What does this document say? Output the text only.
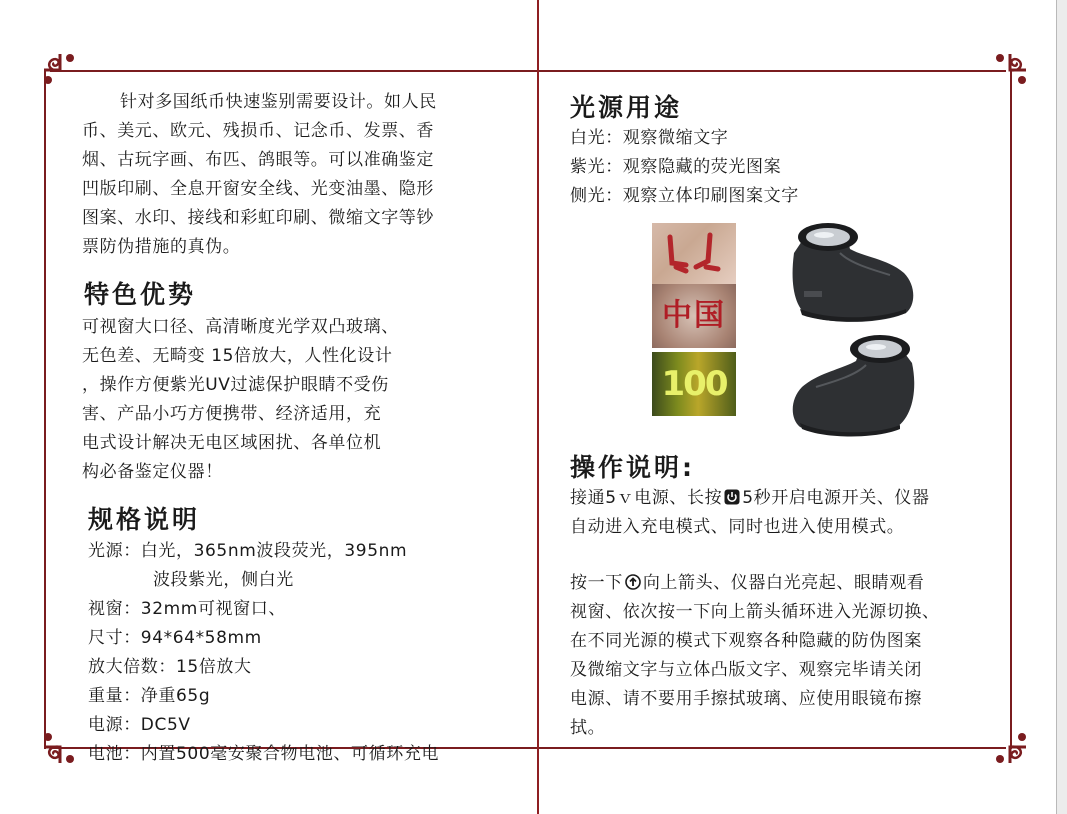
针对多国纸币快速鉴别需要设计。如人民
币、美元、欧元、残损币、记念币、发票、香
烟、古玩字画、布匹、鸽眼等。可以准确鉴定
凹版印刷、全息开窗安全线、光变油墨、隐形
图案、水印、接线和彩虹印刷、微缩文字等钞
票防伪措施的真伪。
特色优势
可视窗大口径、高清晰度光学双凸玻璃、
无色差、无畸变 15倍放大，人性化设计
，操作方便紫光UV过滤保护眼睛不受伤
害、产品小巧方便携带、经济适用，充
电式设计解决无电区域困扰、各单位机
构必备鉴定仪器！
规格说明
光源：白光，365nm波段荧光，395nm
波段紫光，侧白光
视窗：32mm可视窗口、
尺寸：94*64*58mm
放大倍数：15倍放大
重量：净重65g
电源：DC5V
电池：内置500毫安聚合物电池、可循环充电
光源用途
白光：观察微缩文字
紫光：观察隐藏的荧光图案
侧光：观察立体印刷图案文字
中国
100
操作说明:
接通5ｖ电源、长按 5秒开启电源开关、仪器
自动进入充电模式、同时也进入使用模式。
按一下 向上箭头、仪器白光亮起、眼睛观看
视窗、依次按一下向上箭头循环进入光源切换、
在不同光源的模式下观察各种隐藏的防伪图案
及微缩文字与立体凸版文字、观察完毕请关闭
电源、请不要用手擦拭玻璃、应使用眼镜布擦
拭。
